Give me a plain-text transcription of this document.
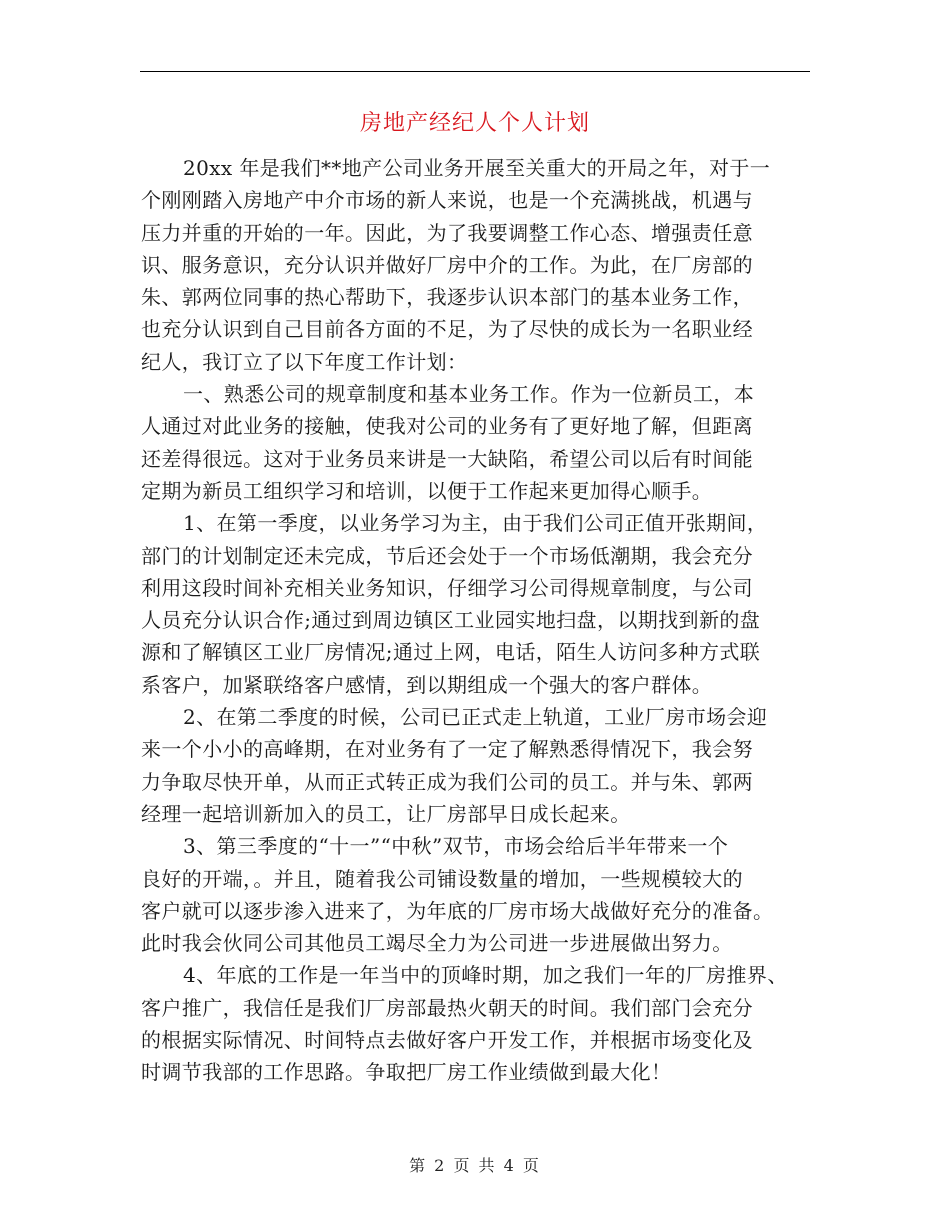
房地产经纪人个人计划

20xx 年是我们**地产公司业务开展至关重大的开局之年，对于一
个刚刚踏入房地产中介市场的新人来说，也是一个充满挑战，机遇与
压力并重的开始的一年。因此，为了我要调整工作心态、增强责任意
识、服务意识，充分认识并做好厂房中介的工作。为此，在厂房部的
朱、郭两位同事的热心帮助下，我逐步认识本部门的基本业务工作，
也充分认识到自己目前各方面的不足，为了尽快的成长为一名职业经
纪人，我订立了以下年度工作计划：

一、熟悉公司的规章制度和基本业务工作。作为一位新员工，本
人通过对此业务的接触，使我对公司的业务有了更好地了解，但距离
还差得很远。这对于业务员来讲是一大缺陷，希望公司以后有时间能
定期为新员工组织学习和培训，以便于工作起来更加得心顺手。

1、在第一季度，以业务学习为主，由于我们公司正值开张期间，
部门的计划制定还未完成，节后还会处于一个市场低潮期，我会充分
利用这段时间补充相关业务知识，仔细学习公司得规章制度，与公司
人员充分认识合作;通过到周边镇区工业园实地扫盘，以期找到新的盘
源和了解镇区工业厂房情况;通过上网，电话，陌生人访问多种方式联
系客户，加紧联络客户感情，到以期组成一个强大的客户群体。

2、在第二季度的时候，公司已正式走上轨道，工业厂房市场会迎
来一个小小的高峰期，在对业务有了一定了解熟悉得情况下，我会努
力争取尽快开单，从而正式转正成为我们公司的员工。并与朱、郭两
经理一起培训新加入的员工，让厂房部早日成长起来。

3、第三季度的“十一”“中秋”双节，市场会给后半年带来一个
良好的开端，。并且，随着我公司铺设数量的增加，一些规模较大的
客户就可以逐步渗入进来了，为年底的厂房市场大战做好充分的准备。
此时我会伙同公司其他员工竭尽全力为公司进一步进展做出努力。

4、年底的工作是一年当中的顶峰时期，加之我们一年的厂房推界、
客户推广，我信任是我们厂房部最热火朝天的时间。我们部门会充分
的根据实际情况、时间特点去做好客户开发工作，并根据市场变化及
时调节我部的工作思路。争取把厂房工作业绩做到最大化！

第 2 页 共 4 页
